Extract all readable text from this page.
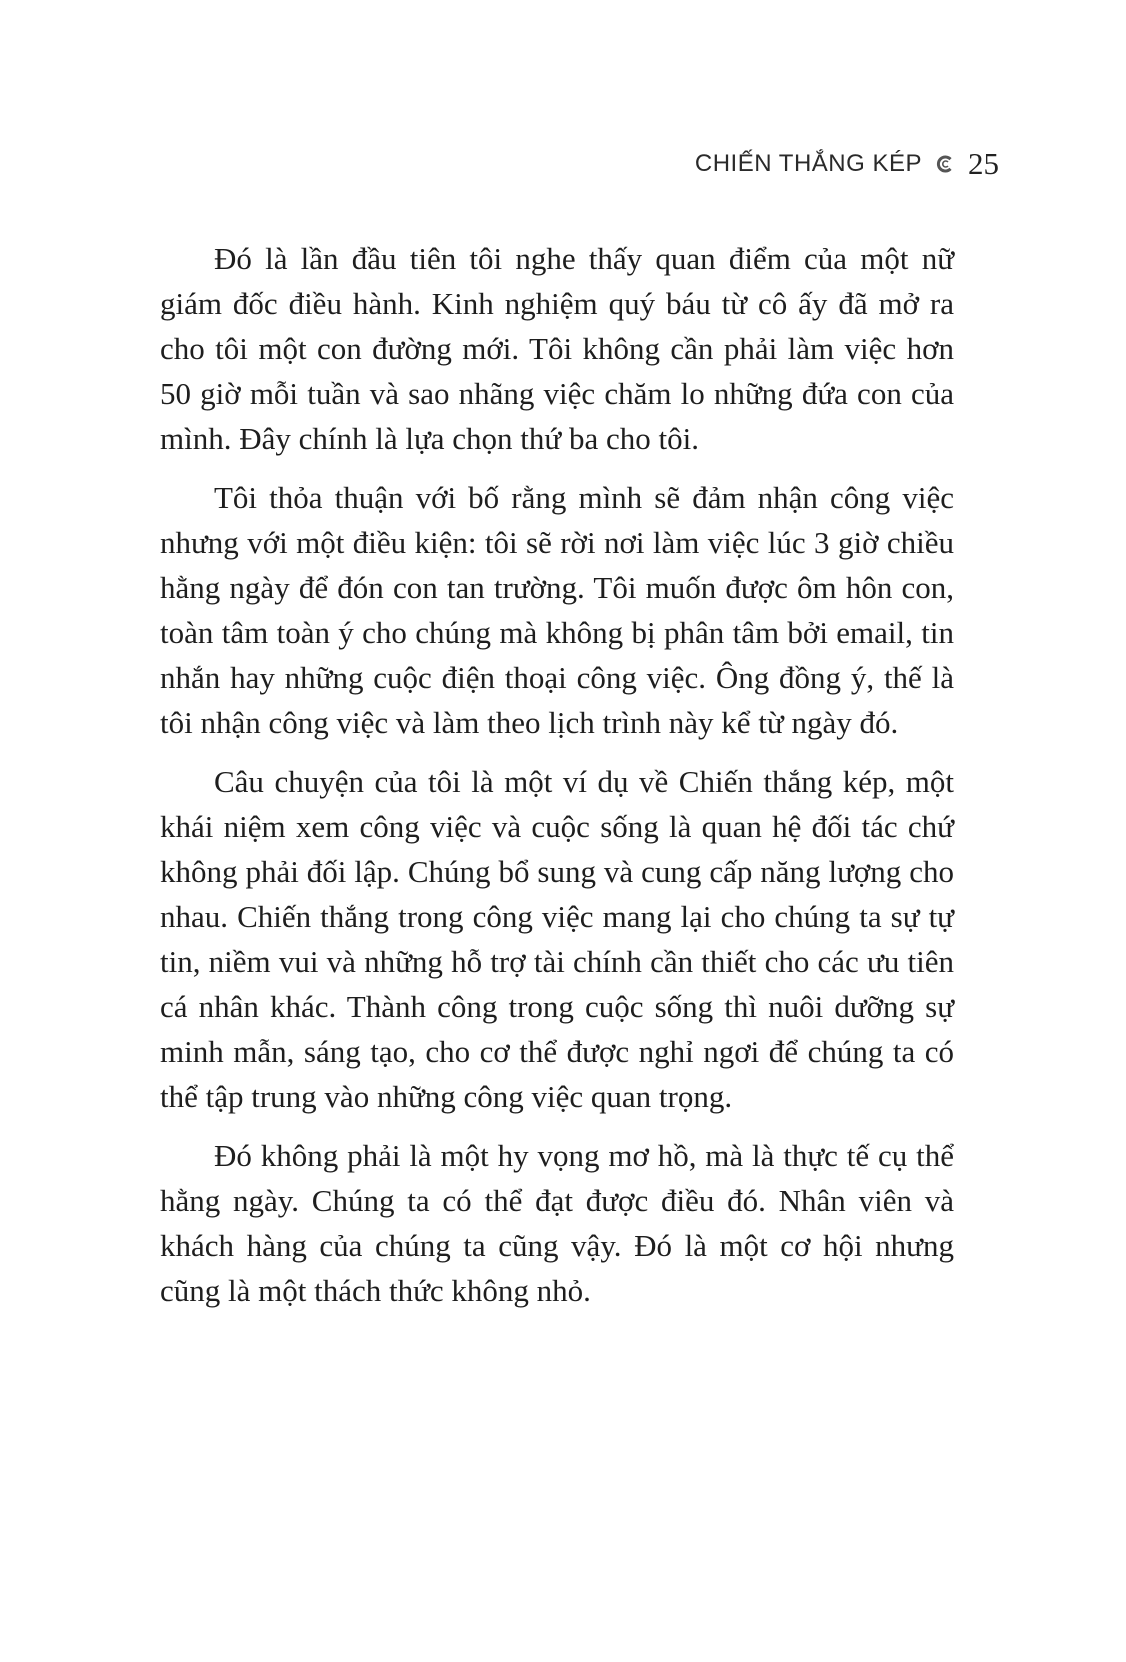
CHIẾN THẮNG KÉP 25

Đó là lần đầu tiên tôi nghe thấy quan điểm của một nữ giám đốc điều hành. Kinh nghiệm quý báu từ cô ấy đã mở ra cho tôi một con đường mới. Tôi không cần phải làm việc hơn 50 giờ mỗi tuần và sao nhãng việc chăm lo những đứa con của mình. Đây chính là lựa chọn thứ ba cho tôi.

Tôi thỏa thuận với bố rằng mình sẽ đảm nhận công việc nhưng với một điều kiện: tôi sẽ rời nơi làm việc lúc 3 giờ chiều hằng ngày để đón con tan trường. Tôi muốn được ôm hôn con, toàn tâm toàn ý cho chúng mà không bị phân tâm bởi email, tin nhắn hay những cuộc điện thoại công việc. Ông đồng ý, thế là tôi nhận công việc và làm theo lịch trình này kể từ ngày đó.

Câu chuyện của tôi là một ví dụ về Chiến thắng kép, một khái niệm xem công việc và cuộc sống là quan hệ đối tác chứ không phải đối lập. Chúng bổ sung và cung cấp năng lượng cho nhau. Chiến thắng trong công việc mang lại cho chúng ta sự tự tin, niềm vui và những hỗ trợ tài chính cần thiết cho các ưu tiên cá nhân khác. Thành công trong cuộc sống thì nuôi dưỡng sự minh mẫn, sáng tạo, cho cơ thể được nghỉ ngơi để chúng ta có thể tập trung vào những công việc quan trọng.

Đó không phải là một hy vọng mơ hồ, mà là thực tế cụ thể hằng ngày. Chúng ta có thể đạt được điều đó. Nhân viên và khách hàng của chúng ta cũng vậy. Đó là một cơ hội nhưng cũng là một thách thức không nhỏ.
